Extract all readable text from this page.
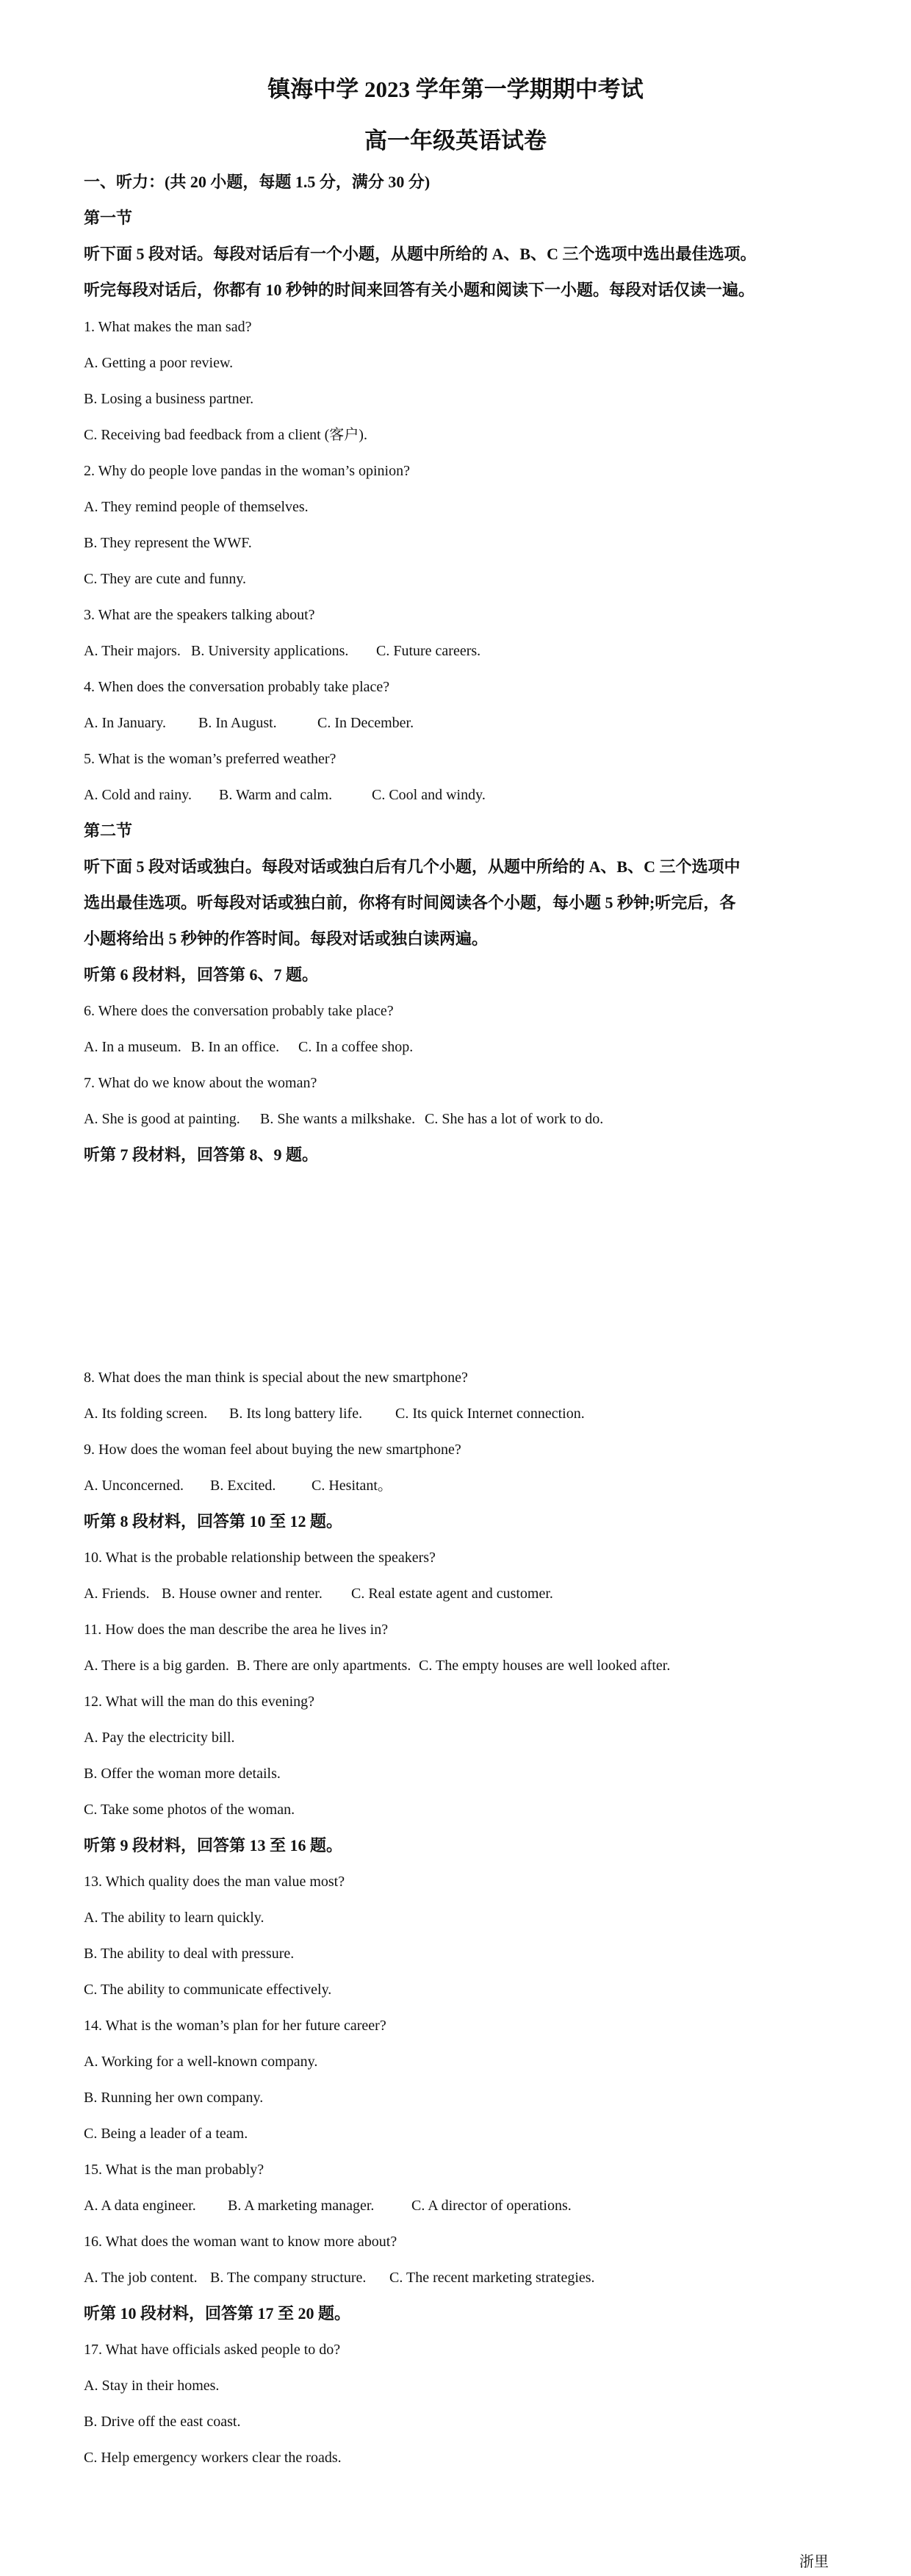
镇海中学 2023 学年第一学期期中考试
高一年级英语试卷
一、听力：(共 20 小题，每题 1.5 分，满分 30 分)
第一节
听下面 5 段对话。每段对话后有一个小题，从题中所给的 A、B、C 三个选项中选出最佳选项。
听完每段对话后，你都有 10 秒钟的时间来回答有关小题和阅读下一小题。每段对话仅读一遍。
1. What makes the man sad?
A. Getting a poor review.
B. Losing a business partner.
C. Receiving bad feedback from a client (客户).
2. Why do people love pandas in the woman’s opinion?
A. They remind people of themselves.
B. They represent the WWF.
C. They are cute and funny.
3. What are the speakers talking about?
A. Their majors. B. University applications. C. Future careers.
4. When does the conversation probably take place?
A. In January. B. In August.	C. In December.
5. What is the woman’s preferred weather?
A. Cold and rainy. B. Warm and calm.	C. Cool and windy.
第二节
听下面 5 段对话或独白。每段对话或独白后有几个小题，从题中所给的 A、B、C 三个选项中
选出最佳选项。听每段对话或独白前，你将有时间阅读各个小题，每小题 5 秒钟;听完后，各
小题将给出 5 秒钟的作答时间。每段对话或独白读两遍。
听第 6 段材料，回答第 6、7 题。
6. Where does the conversation probably take place?
A. In a museum. B. In an office. C. In a coffee shop.
7. What do we know about the woman?
A. She is good at painting. B. She wants a milkshake. C. She has a lot of work to do.
听第 7 段材料，回答第 8、9 题。
8. What does the man think is special about the new smartphone?
A. Its folding screen. B. Its long battery life. C. Its quick Internet connection.
9. How does the woman feel about buying the new smartphone?
A. Unconcerned. B. Excited. C. Hesitant。
听第 8 段材料，回答第 10 至 12 题。
10. What is the probable relationship between the speakers?
A. Friends. B. House owner and renter. C. Real estate agent and customer.
11. How does the man describe the area he lives in?
A. There is a big garden. B. There are only apartments. C. The empty houses are well looked after.
12. What will the man do this evening?
A. Pay the electricity bill.
B. Offer the woman more details.
C. Take some photos of the woman.
听第 9 段材料，回答第 13 至 16 题。
13. Which quality does the man value most?
A. The ability to learn quickly.
B. The ability to deal with pressure.
C. The ability to communicate effectively.
14. What is the woman’s plan for her future career?
A. Working for a well-known company.
B. Running her own company.
C. Being a leader of a team.
15. What is the man probably?
A. A data engineer. B. A marketing manager.	C. A director of operations.
16. What does the woman want to know more about?
A. The job content. B. The company structure. C. The recent marketing strategies.
听第 10 段材料，回答第 17 至 20 题。
17. What have officials asked people to do?
A. Stay in their homes.
B. Drive off the east coast.
C. Help emergency workers clear the roads.
浙里
